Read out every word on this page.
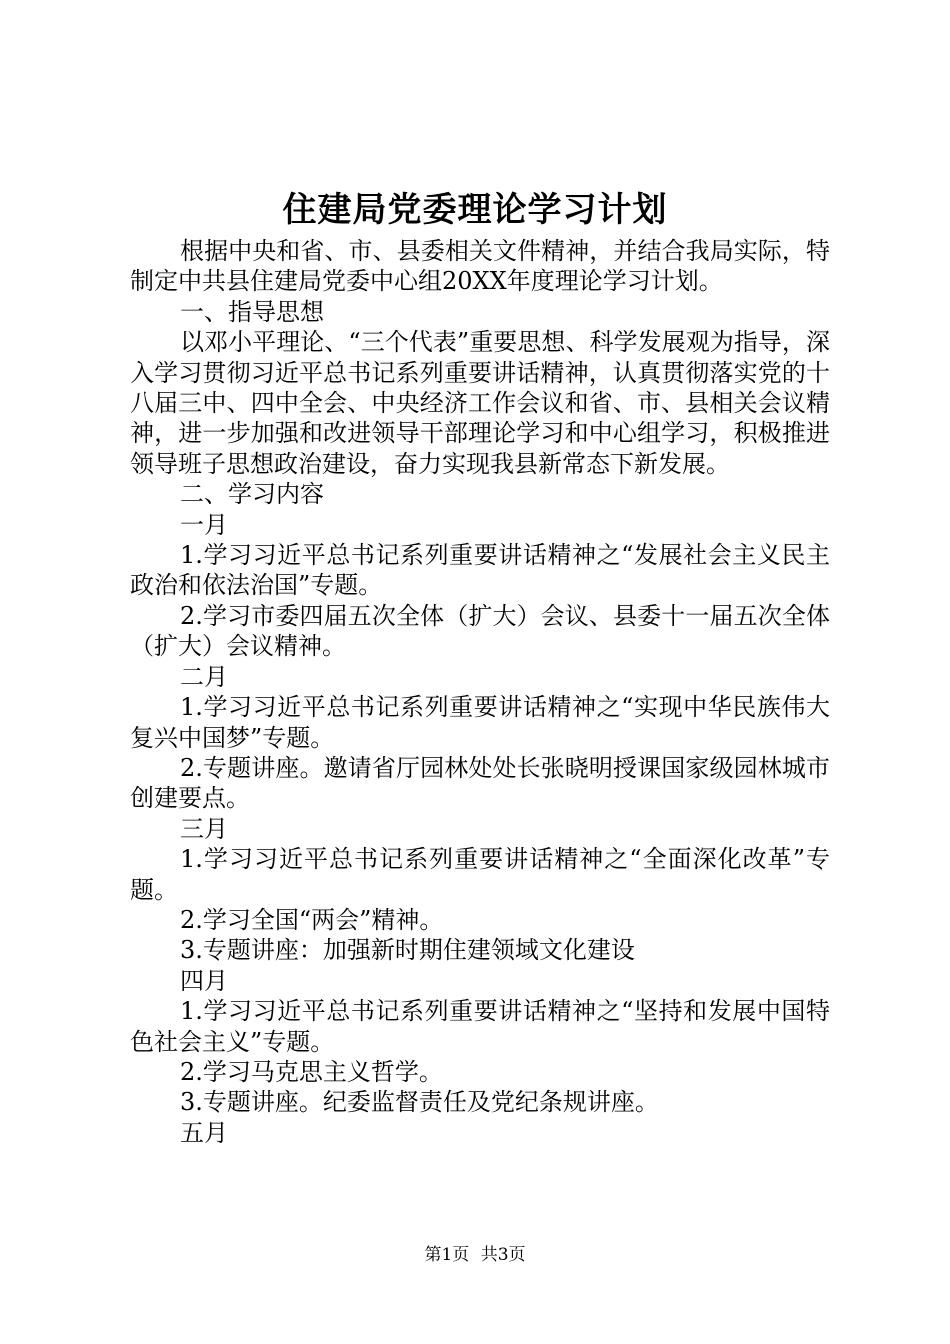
住建局党委理论学习计划

根据中央和省、市、县委相关文件精神，并结合我局实际，特制定中共县住建局党委中心组20XX年度理论学习计划。

一、指导思想

以邓小平理论、“三个代表”重要思想、科学发展观为指导，深入学习贯彻习近平总书记系列重要讲话精神，认真贯彻落实党的十八届三中、四中全会、中央经济工作会议和省、市、县相关会议精神，进一步加强和改进领导干部理论学习和中心组学习，积极推进领导班子思想政治建设，奋力实现我县新常态下新发展。

二、学习内容

一月

1.学习习近平总书记系列重要讲话精神之“发展社会主义民主政治和依法治国”专题。

2.学习市委四届五次全体（扩大）会议、县委十一届五次全体（扩大）会议精神。

二月

1.学习习近平总书记系列重要讲话精神之“实现中华民族伟大复兴中国梦”专题。

2.专题讲座。邀请省厅园林处处长张晓明授课国家级园林城市创建要点。

三月

1.学习习近平总书记系列重要讲话精神之“全面深化改革”专题。

2.学习全国“两会”精神。

3.专题讲座：加强新时期住建领域文化建设

四月

1.学习习近平总书记系列重要讲话精神之“坚持和发展中国特色社会主义”专题。

2.学习马克思主义哲学。

3.专题讲座。纪委监督责任及党纪条规讲座。

五月

第1页 共3页
